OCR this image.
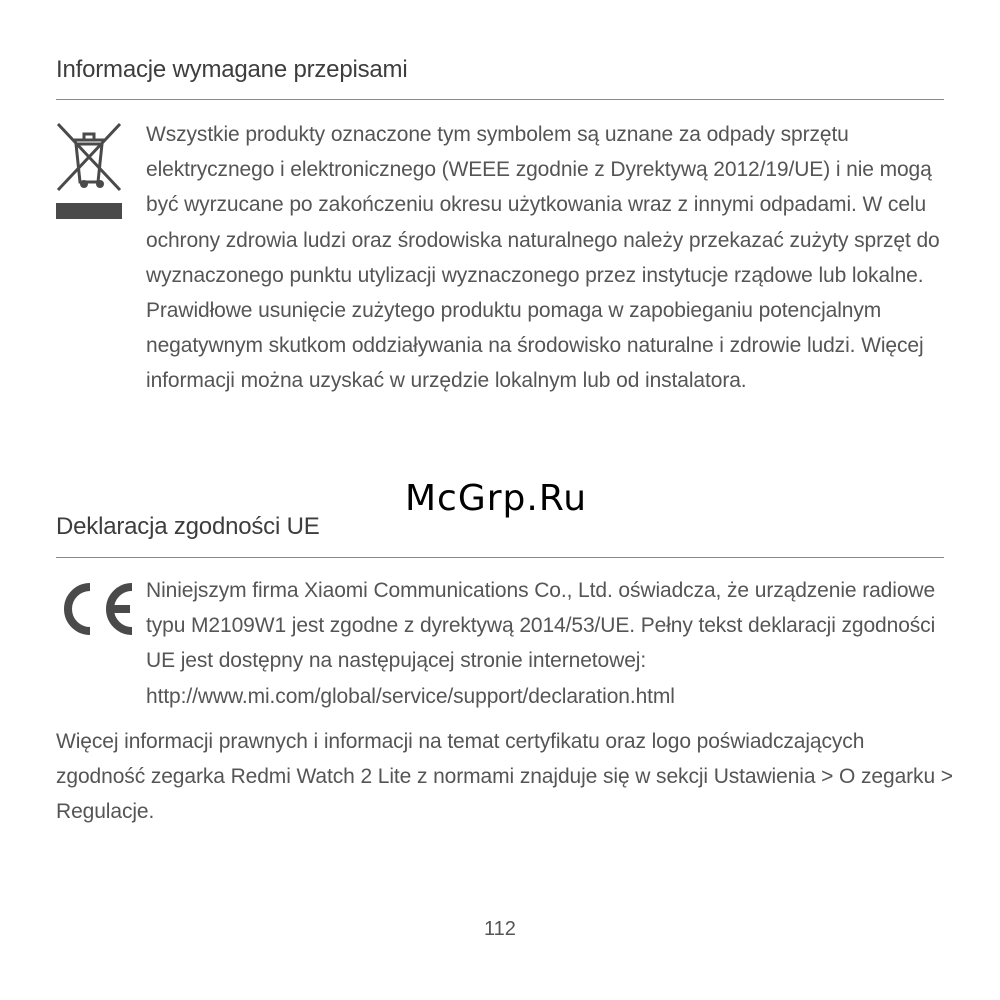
Informacje wymagane przepisami

Wszystkie produkty oznaczone tym symbolem są uznane za odpady sprzętu elektrycznego i elektronicznego (WEEE zgodnie z Dyrektywą 2012/19/UE) i nie mogą być wyrzucane po zakończeniu okresu użytkowania wraz z innymi odpadami. W celu ochrony zdrowia ludzi oraz środowiska naturalnego należy przekazać zużyty sprzęt do wyznaczonego punktu utylizacji wyznaczonego przez instytucje rządowe lub lokalne. Prawidłowe usunięcie zużytego produktu pomaga w zapobieganiu potencjalnym negatywnym skutkom oddziaływania na środowisko naturalne i zdrowie ludzi. Więcej informacji można uzyskać w urzędzie lokalnym lub od instalatora.

McGrp.Ru
Deklaracja zgodności UE

Niniejszym firma Xiaomi Communications Co., Ltd. oświadcza, że urządzenie radiowe typu M2109W1 jest zgodne z dyrektywą 2014/53/UE. Pełny tekst deklaracji zgodności UE jest dostępny na następującej stronie internetowej: http://www.mi.com/global/service/support/declaration.html

Więcej informacji prawnych i informacji na temat certyfikatu oraz logo poświadczających zgodność zegarka Redmi Watch 2 Lite z normami znajduje się w sekcji Ustawienia > O zegarku > Regulacje.

112
